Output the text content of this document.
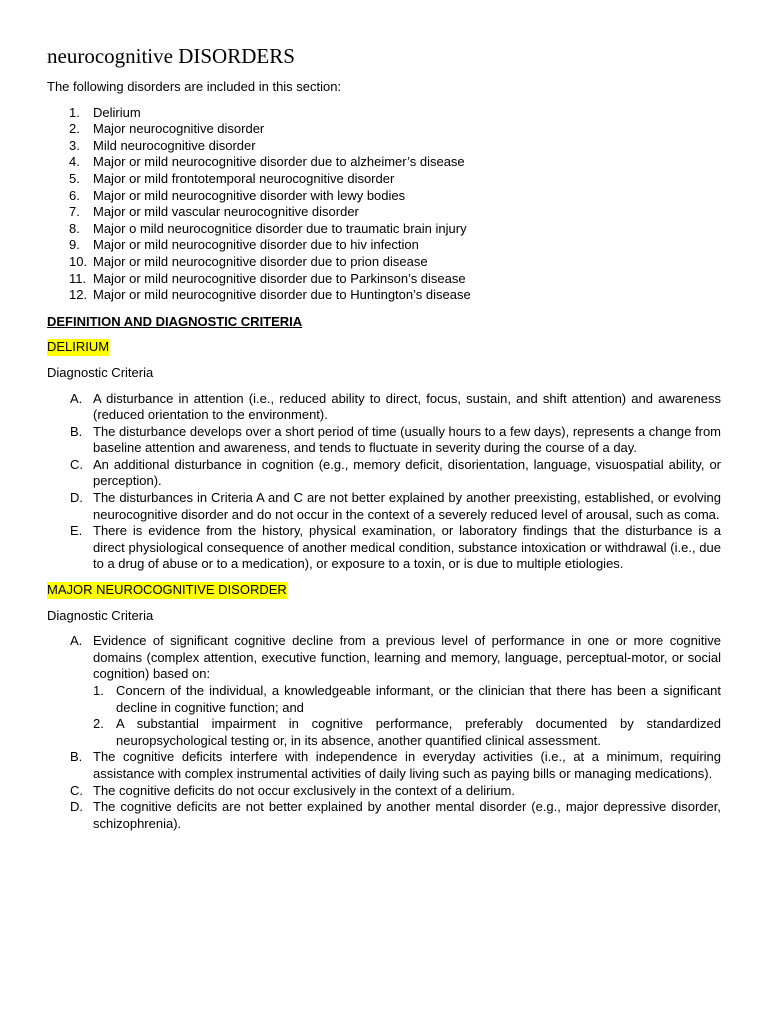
neurocognitive DISORDERS

The following disorders are included in this section:

1.	Delirium
2.	Major neurocognitive disorder
3.	Mild neurocognitive disorder
4.	Major or mild neurocognitive disorder due to alzheimer’s disease
5.	Major or mild frontotemporal neurocognitive disorder
6.	Major or mild neurocognitive disorder with lewy bodies
7.	Major or mild vascular neurocognitive disorder
8.	Major o mild neurocognitice disorder due to traumatic brain injury
9.	Major or mild neurocognitive disorder due to hiv infection
10. Major or mild neurocognitive disorder due to prion disease
11. Major or mild neurocognitive disorder due to Parkinson’s disease
12. Major or mild neurocognitive disorder due to Huntington’s disease
DEFINITION AND DIAGNOSTIC CRITERIA
DELIRIUM
Diagnostic Criteria
A. A disturbance in attention (i.e., reduced ability to direct, focus, sustain, and shift attention) and awareness (reduced orientation to the environment).
B. The disturbance develops over a short period of time (usually hours to a few days), represents a change from baseline attention and awareness, and tends to fluctuate in severity during the course of a day.
C. An additional disturbance in cognition (e.g., memory deficit, disorientation, language, visuospatial ability, or perception).
D. The disturbances in Criteria A and C are not better explained by another preexisting, established, or evolving neurocognitive disorder and do not occur in the context of a severely reduced level of arousal, such as coma.
E. There is evidence from the history, physical examination, or laboratory findings that the disturbance is a direct physiological consequence of another medical condition, substance intoxication or withdrawal (i.e., due to a drug of abuse or to a medication), or exposure to a toxin, or is due to multiple etiologies.
MAJOR NEUROCOGNITIVE DISORDER
Diagnostic Criteria
A. Evidence of significant cognitive decline from a previous level of performance in one or more cognitive domains (complex attention, executive function, learning and memory, language, perceptual-motor, or social cognition) based on:
1. Concern of the individual, a knowledgeable informant, or the clinician that there has been a significant decline in cognitive function; and
2. A substantial impairment in cognitive performance, preferably documented by standardized neuropsychological testing or, in its absence, another quantified clinical assessment.
B. The cognitive deficits interfere with independence in everyday activities (i.e., at a minimum, requiring assistance with complex instrumental activities of daily living such as paying bills or managing medications).
C. The cognitive deficits do not occur exclusively in the context of a delirium.
D. The cognitive deficits are not better explained by another mental disorder (e.g., major depressive disorder, schizophrenia).
